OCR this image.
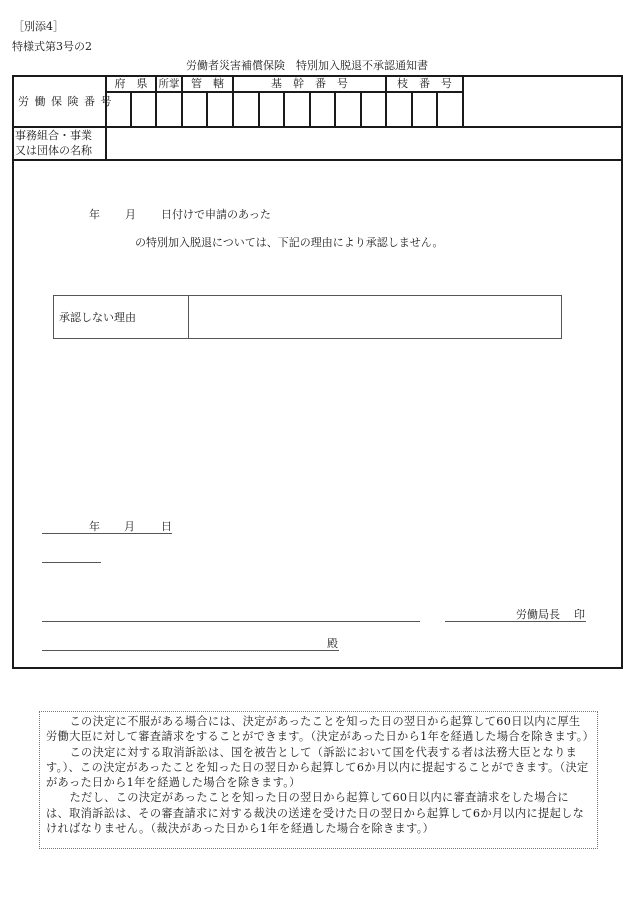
［別添4］
特様式第3号の2
労働者災害補償保険　特別加入脱退不承認通知書
労 働 保 険 番 号
府　県	所掌	管　轄	基　幹　番　号	枝　番　号
事務組合・事業
又は団体の名称
年 月 日付けで申請のあった
の特別加入脱退については、下記の理由により承認しません。
承認しない理由
年 月 日
労働局長 印
殿

この決定に不服がある場合には、決定があったことを知った日の翌日から起算して60日以内に厚生労働大臣に対して審査請求をすることができます。（決定があった日から1年を経過した場合を除きます。）

この決定に対する取消訴訟は、国を被告として（訴訟において国を代表する者は法務大臣となります。）、この決定があったことを知った日の翌日から起算して6か月以内に提起することができます。（決定があった日から1年を経過した場合を除きます。）

ただし、この決定があったことを知った日の翌日から起算して60日以内に審査請求をした場合には、取消訴訟は、その審査請求に対する裁決の送達を受けた日の翌日から起算して6か月以内に提起しなければなりません。（裁決があった日から1年を経過した場合を除きます。）
